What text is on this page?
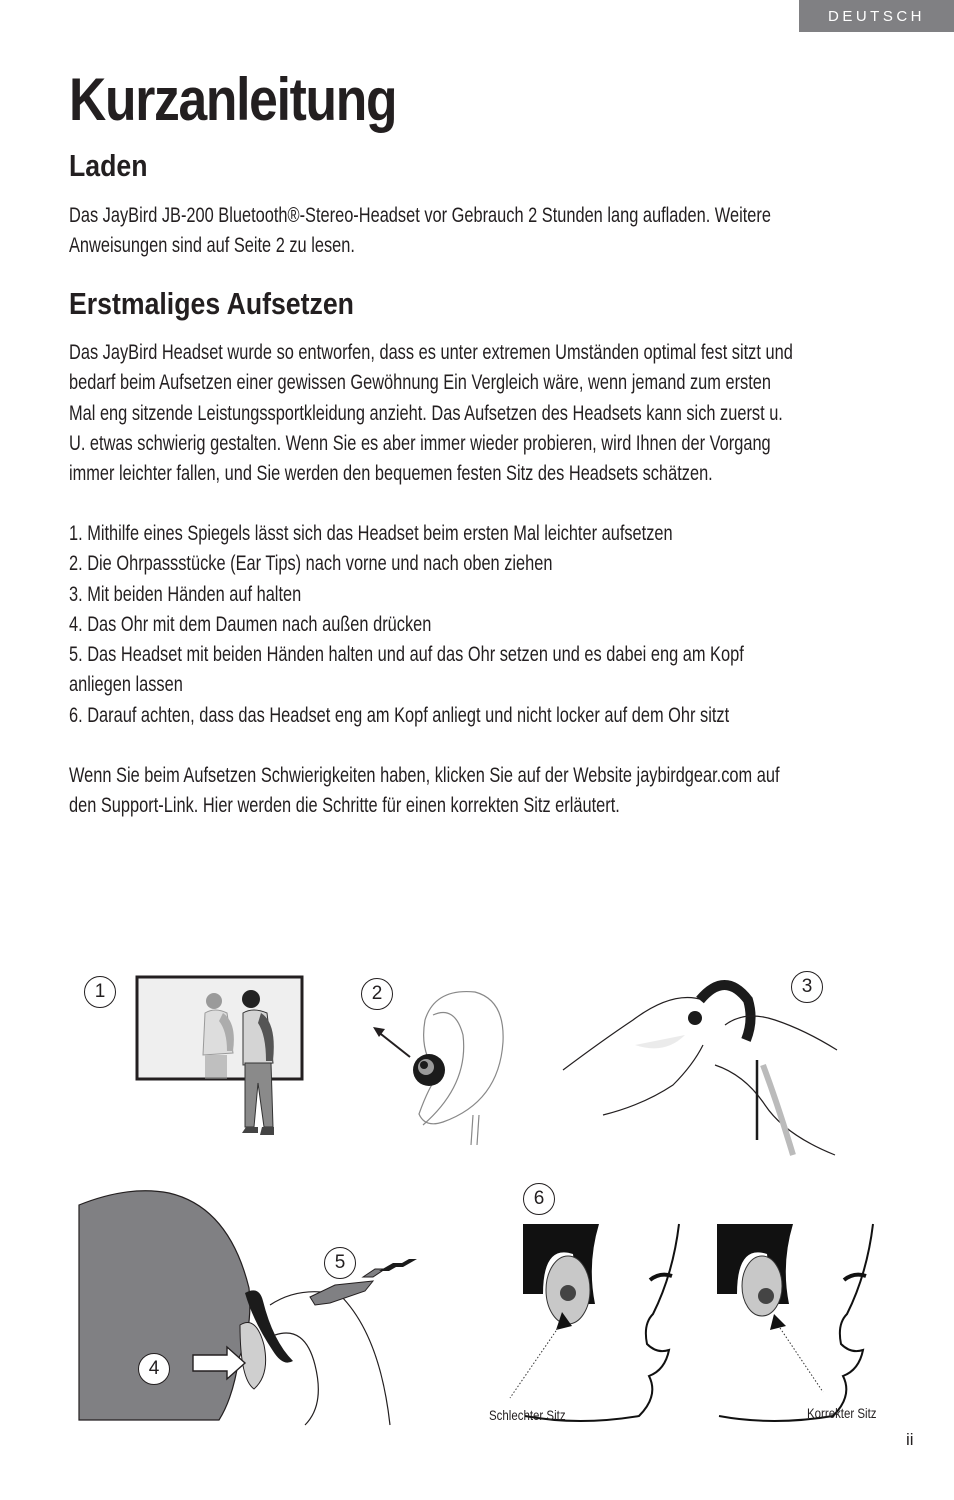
DEUTSCH
Kurzanleitung
Laden

Das JayBird JB-200 Bluetooth®-Stereo-Headset vor Gebrauch 2 Stunden lang aufladen. Weitere
Anweisungen sind auf Seite 2 zu lesen.

Erstmaliges Aufsetzen

Das JayBird Headset wurde so entworfen, dass es unter extremen Umständen optimal fest sitzt und
bedarf beim Aufsetzen einer gewissen Gewöhnung Ein Vergleich wäre, wenn jemand zum ersten
Mal eng sitzende Leistungssportkleidung anzieht. Das Aufsetzen des Headsets kann sich zuerst u.
U. etwas schwierig gestalten. Wenn Sie es aber immer wieder probieren, wird Ihnen der Vorgang
immer leichter fallen, und Sie werden den bequemen festen Sitz des Headsets schätzen.

1. Mithilfe eines Spiegels lässt sich das Headset beim ersten Mal leichter aufsetzen
2. Die Ohrpassstücke (Ear Tips) nach vorne und nach oben ziehen
3. Mit beiden Händen auf halten
4. Das Ohr mit dem Daumen nach außen drücken
5. Das Headset mit beiden Händen halten und auf das Ohr setzen und es dabei eng am Kopf
anliegen lassen
6. Darauf achten, dass das Headset eng am Kopf anliegt und nicht locker auf dem Ohr sitzt

Wenn Sie beim Aufsetzen Schwierigkeiten haben, klicken Sie auf der Website jaybirdgear.com auf
den Support-Link. Hier werden die Schritte für einen korrekten Sitz erläutert.

1	2	3
5
4
6
Schlechter Sitz	Korrekter Sitz
ii
